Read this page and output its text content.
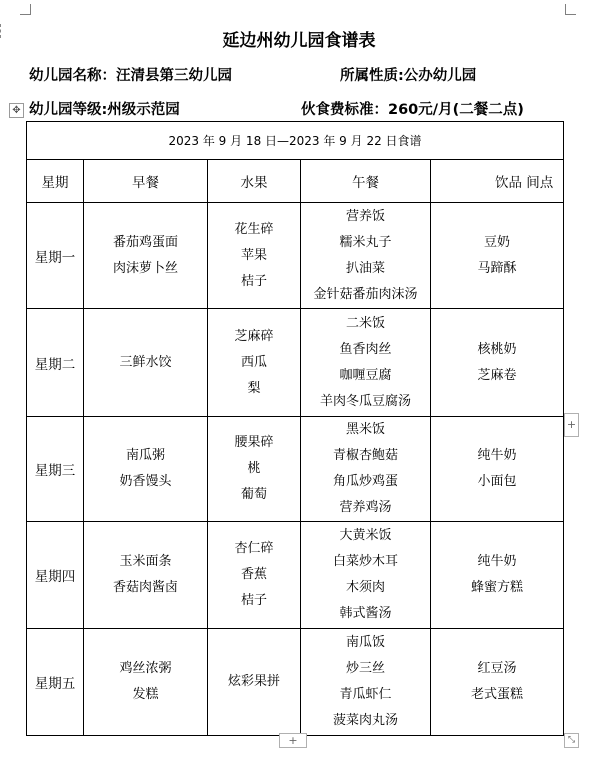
延边州幼儿园食谱表
幼儿园名称：汪清县第三幼儿园	所属性质:公办幼儿园
幼儿园等级:州级示范园	伙食费标准：260元/月(二餐二点)
✥
2023 年 9 月 18 日—2023 年 9 月 22 日食谱				
星期	早餐	水果	午餐	饮品 间点
星期一	番茄鸡蛋面
肉沫萝卜丝	花生碎
苹果
桔子	营养饭
糯米丸子
扒油菜
金针菇番茄肉沫汤	豆奶
马蹄酥

星期二	三鲜水饺	芝麻碎
西瓜
梨	二米饭
鱼香肉丝
咖喱豆腐
羊肉冬瓜豆腐汤	核桃奶
芝麻卷

星期三	南瓜粥
奶香馒头	腰果碎
桃
葡萄	黑米饭
青椒杏鲍菇
角瓜炒鸡蛋
营养鸡汤	纯牛奶
小面包

星期四	玉米面条
香菇肉酱卤	杏仁碎
香蕉
桔子	大黄米饭
白菜炒木耳
木须肉
韩式酱汤	纯牛奶
蜂蜜方糕

星期五	鸡丝浓粥
发糕	炫彩果拼	南瓜饭
炒三丝
青瓜虾仁
菠菜肉丸汤	红豆汤
老式蛋糕
+
+	⤡
